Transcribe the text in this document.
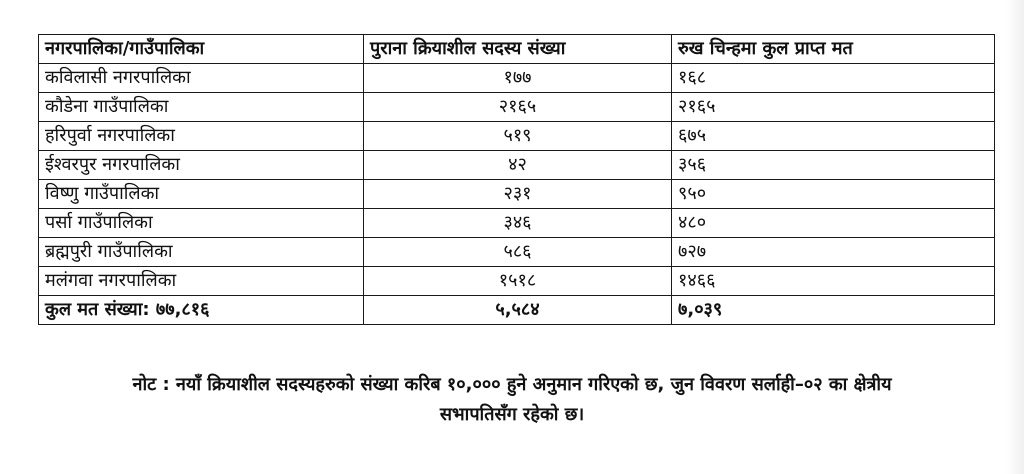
नगरपालिका/गाउँपालिका	पुराना क्रियाशील सदस्य संख्या	रुख चिन्हमा कुल प्राप्त मत
कविलासी नगरपालिका	१७७	१६८
कौडेना गाउँपालिका	२१६५	२१६५
हरिपुर्वा नगरपालिका	५१९	६७५
ईश्वरपुर नगरपालिका	४२	३५६
विष्णु गाउँपालिका	२३१	९५०
पर्सा गाउँपालिका	३४६	४८०
ब्रह्मपुरी गाउँपालिका	५८६	७२७
मलंगवा नगरपालिका	१५१८	१४६६
कुल मत संख्या: ७७,८१६	५,५८४	७,०३९
नोट : नयाँ क्रियाशील सदस्यहरुको संख्या करिब १०,००० हुने अनुमान गरिएको छ, जुन विवरण सर्लाही–०२ का क्षेत्रीय
सभापतिसँग रहेको छ।
